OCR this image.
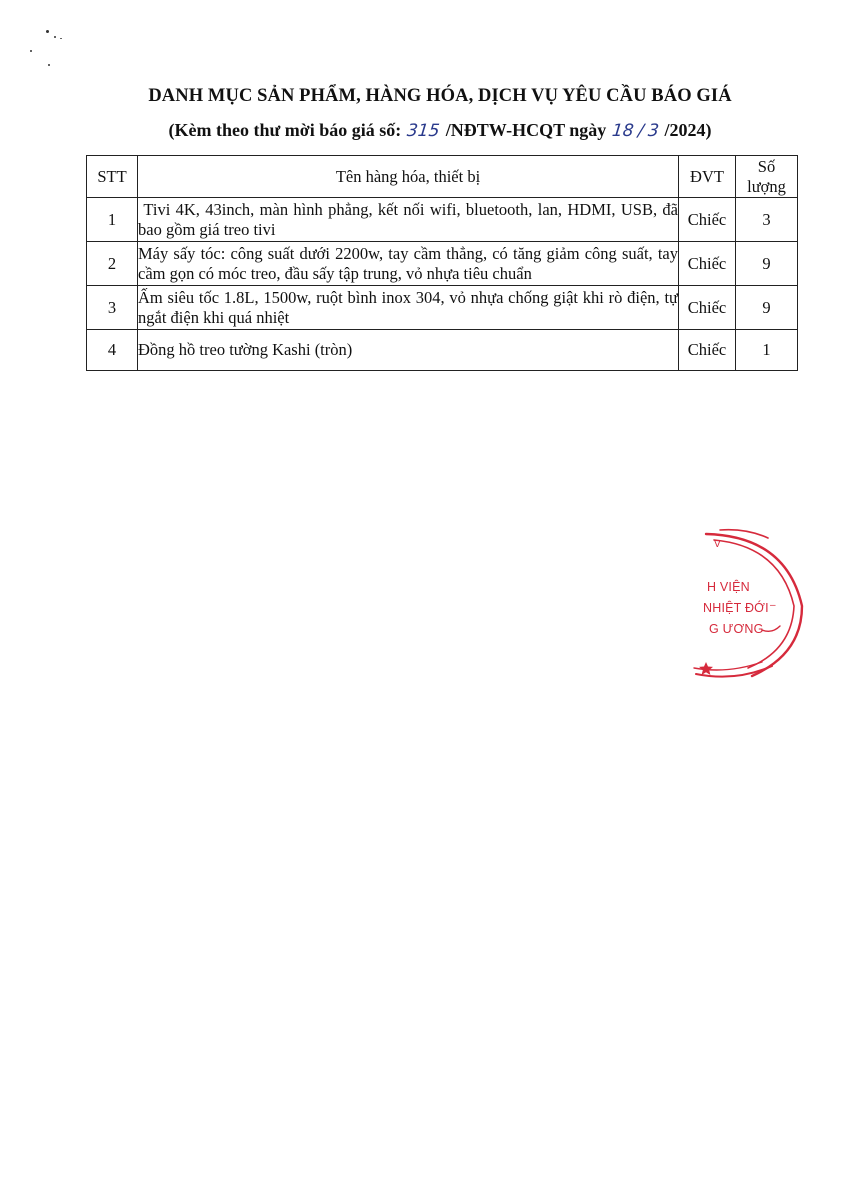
DANH MỤC SẢN PHẨM, HÀNG HÓA, DỊCH VỤ YÊU CẦU BÁO GIÁ
(Kèm theo thư mời báo giá số: 315 /NĐTW-HCQT ngày 18 / 3 /2024)
STT	Tên hàng hóa, thiết bị	ĐVT	Số
lượng
1	Tivi 4K, 43inch, màn hình phẳng, kết nối wifi, bluetooth, lan, HDMI, USB, đã bao gồm giá treo tivi	Chiếc	3
2	Máy sấy tóc: công suất dưới 2200w, tay cầm thẳng, có tăng giảm công suất, tay cầm gọn có móc treo, đầu sấy tập trung, vỏ nhựa tiêu chuẩn	Chiếc	9
3	Ấm siêu tốc 1.8L, 1500w, ruột bình inox 304, vỏ nhựa chống giật khi rò điện, tự ngắt điện khi quá nhiệt	Chiếc	9
4	Đồng hồ treo tường Kashi (tròn)	Chiếc	1
V
–
H VIỆN
NHIỆT ĐỚI
G ƯƠNG
